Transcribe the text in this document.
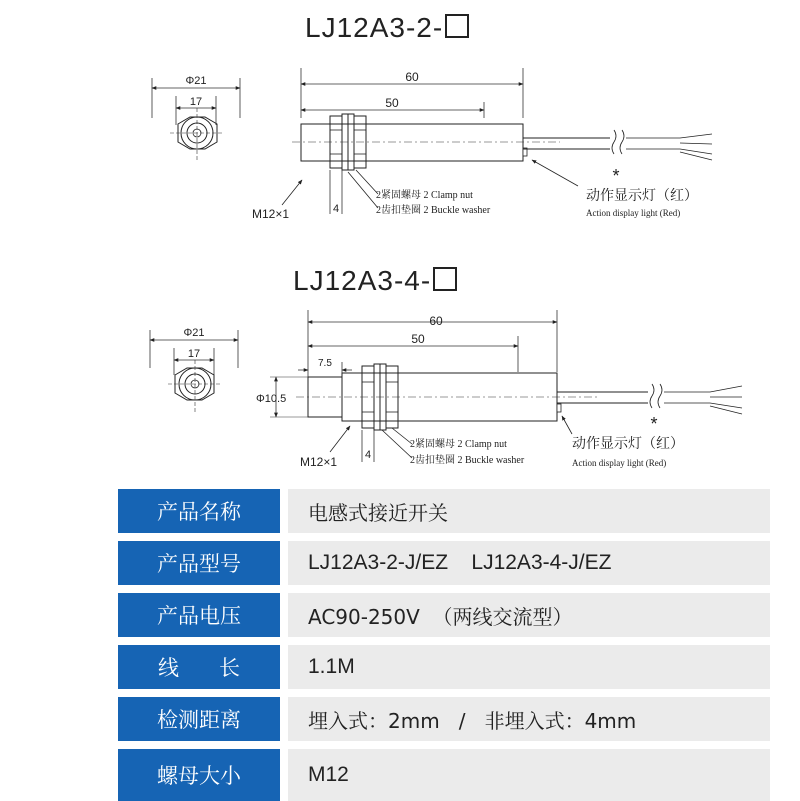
LJ12A3-2-
Φ21
17
60
50
M12×1	4
2紧固螺母 2 Clamp nut
2齿扣垫圈 2 Buckle washer
*
动作显示灯（红）
Action display light (Red)
LJ12A3-4-
Φ21
17
60
50
7.5
Φ10.5
M12×1	4
2紧固螺母 2 Clamp nut
2齿扣垫圈 2 Buckle washer
*
动作显示灯（红）
Action display light (Red)
产品名称	电感式接近开关
产品型号	LJ12A3-2-J/EZ    LJ12A3-4-J/EZ
产品电压	AC90-250V  （两线交流型）
线      长	1.1M
检测距离	埋入式：2mm   /   非埋入式：4mm
螺母大小	M12
